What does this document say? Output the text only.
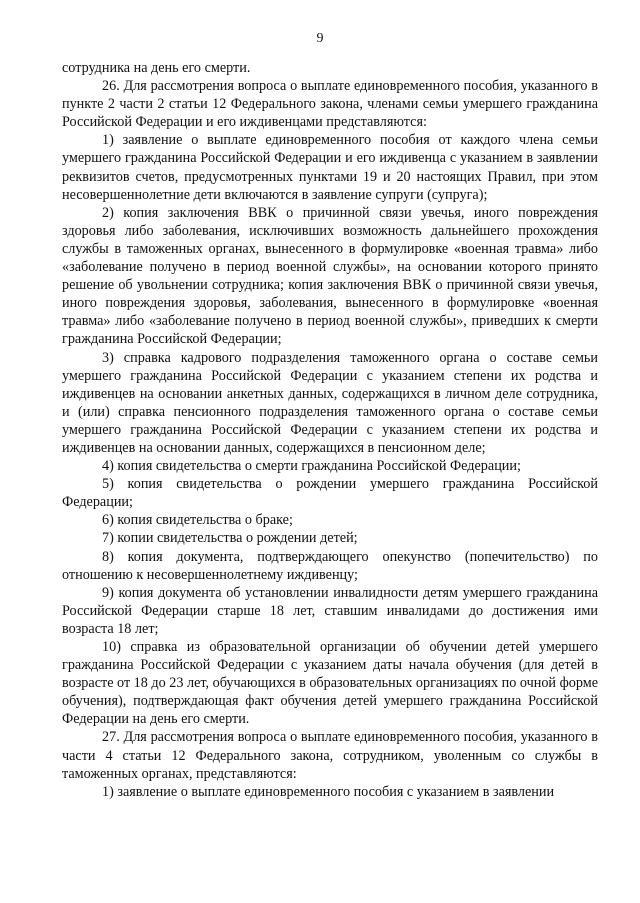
9

сотрудника на день его смерти.

26. Для рассмотрения вопроса о выплате единовременного пособия, указанного в пункте 2 части 2 статьи 12 Федерального закона, членами семьи умершего гражданина Российской Федерации и его иждивенцами представляются:

1) заявление о выплате единовременного пособия от каждого члена семьи умершего гражданина Российской Федерации и его иждивенца с указанием в заявлении реквизитов счетов, предусмотренных пунктами 19 и 20 настоящих Правил, при этом несовершеннолетние дети включаются в заявление супруги (супруга);

2) копия заключения ВВК о причинной связи увечья, иного повреждения здоровья либо заболевания, исключивших возможность дальнейшего прохождения службы в таможенных органах, вынесенного в формулировке «военная травма» либо «заболевание получено в период военной службы», на основании которого принято решение об увольнении сотрудника; копия заключения ВВК о причинной связи увечья, иного повреждения здоровья, заболевания, вынесенного в формулировке «военная травма» либо «заболевание получено в период военной службы», приведших к смерти гражданина Российской Федерации;

3) справка кадрового подразделения таможенного органа о составе семьи умершего гражданина Российской Федерации с указанием степени их родства и иждивенцев на основании анкетных данных, содержащихся в личном деле сотрудника, и (или) справка пенсионного подразделения таможенного органа о составе семьи умершего гражданина Российской Федерации с указанием степени их родства и иждивенцев на основании данных, содержащихся в пенсионном деле;

4) копия свидетельства о смерти гражданина Российской Федерации;

5) копия свидетельства о рождении умершего гражданина Российской Федерации;

6) копия свидетельства о браке;

7) копии свидетельства о рождении детей;

8) копия документа, подтверждающего опекунство (попечительство) по отношению к несовершеннолетнему иждивенцу;

9) копия документа об установлении инвалидности детям умершего гражданина Российской Федерации старше 18 лет, ставшим инвалидами до достижения ими возраста 18 лет;

10) справка из образовательной организации об обучении детей умершего гражданина Российской Федерации с указанием даты начала обучения (для детей в возрасте от 18 до 23 лет, обучающихся в образовательных организациях по очной форме обучения), подтверждающая факт обучения детей умершего гражданина Российской Федерации на день его смерти.

27. Для рассмотрения вопроса о выплате единовременного пособия, указанного в части 4 статьи 12 Федерального закона, сотрудником, уволенным со службы в таможенных органах, представляются:

1) заявление о выплате единовременного пособия с указанием в заявлении
